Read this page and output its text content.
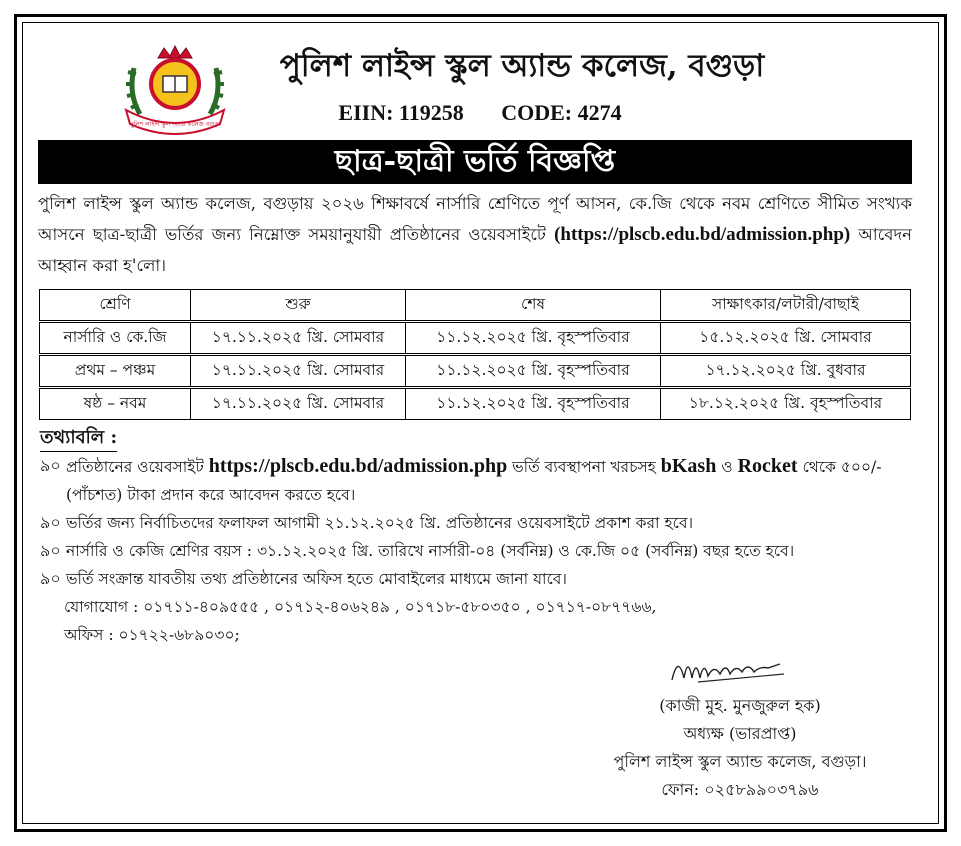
পুলিশ লাইন্স স্কুল অ্যান্ড কলেজ বগুড়া
পুলিশ লাইন্স স্কুল অ্যান্ড কলেজ, বগুড়া
EIIN: 119258 CODE: 4274
ছাত্র-ছাত্রী ভর্তি বিজ্ঞপ্তি
পুলিশ লাইন্স স্কুল অ্যান্ড কলেজ, বগুড়ায় ২০২৬ শিক্ষাবর্ষে নার্সারি শ্রেণিতে পূর্ণ আসন, কে.জি থেকে নবম শ্রেণিতে সীমিত সংখ্যক আসনে ছাত্র-ছাত্রী ভর্তির জন্য নিম্নোক্ত সময়ানুযায়ী প্রতিষ্ঠানের ওয়েবসাইটে (https://plscb.edu.bd/admission.php) আবেদন আহ্বান করা হ'লো।
শ্রেণি	শুরু	শেষ	সাক্ষাৎকার/লটারী/বাছাই
নার্সারি ও কে.জি	১৭.১১.২০২৫ খ্রি. সোমবার	১১.১২.২০২৫ খ্রি. বৃহস্পতিবার	১৫.১২.২০২৫ খ্রি. সোমবার
প্রথম – পঞ্চম	১৭.১১.২০২৫ খ্রি. সোমবার	১১.১২.২০২৫ খ্রি. বৃহস্পতিবার	১৭.১২.২০২৫ খ্রি. বুধবার
ষষ্ঠ – নবম	১৭.১১.২০২৫ খ্রি. সোমবার	১১.১২.২০২৫ খ্রি. বৃহস্পতিবার	১৮.১২.২০২৫ খ্রি. বৃহস্পতিবার
তথ্যাবলি :
৯০ প্রতিষ্ঠানের ওয়েবসাইট https://plscb.edu.bd/admission.php ভর্তি ব্যবস্থাপনা খরচসহ bKash ও Rocket থেকে ৫০০/- (পাঁচশত) টাকা প্রদান করে আবেদন করতে হবে।
৯০ ভর্তির জন্য নির্বাচিতদের ফলাফল আগামী ২১.১২.২০২৫ খ্রি. প্রতিষ্ঠানের ওয়েবসাইটে প্রকাশ করা হবে।
৯০ নার্সারি ও কেজি শ্রেণির বয়স : ৩১.১২.২০২৫ খ্রি. তারিখে নার্সারী-০৪ (সর্বনিম্ন) ও কে.জি ০৫ (সর্বনিম্ন) বছর হতে হবে।
৯০ ভর্তি সংক্রান্ত যাবতীয় তথ্য প্রতিষ্ঠানের অফিস হতে মোবাইলের মাধ্যমে জানা যাবে।
যোগাযোগ : ০১৭১১-৪০৯৫৫৫ , ০১৭১২-৪০৬২৪৯ , ০১৭১৮-৫৮০৩৫০ , ০১৭১৭-০৮৭৭৬৬,
অফিস : ০১৭২২-৬৮৯০৩০;
(কাজী মুহ. মুনজুরুল হক)
অধ্যক্ষ (ভারপ্রাপ্ত)
পুলিশ লাইন্স স্কুল অ্যান্ড কলেজ, বগুড়া।
ফোন: ০২৫৮৯৯০৩৭৯৬
